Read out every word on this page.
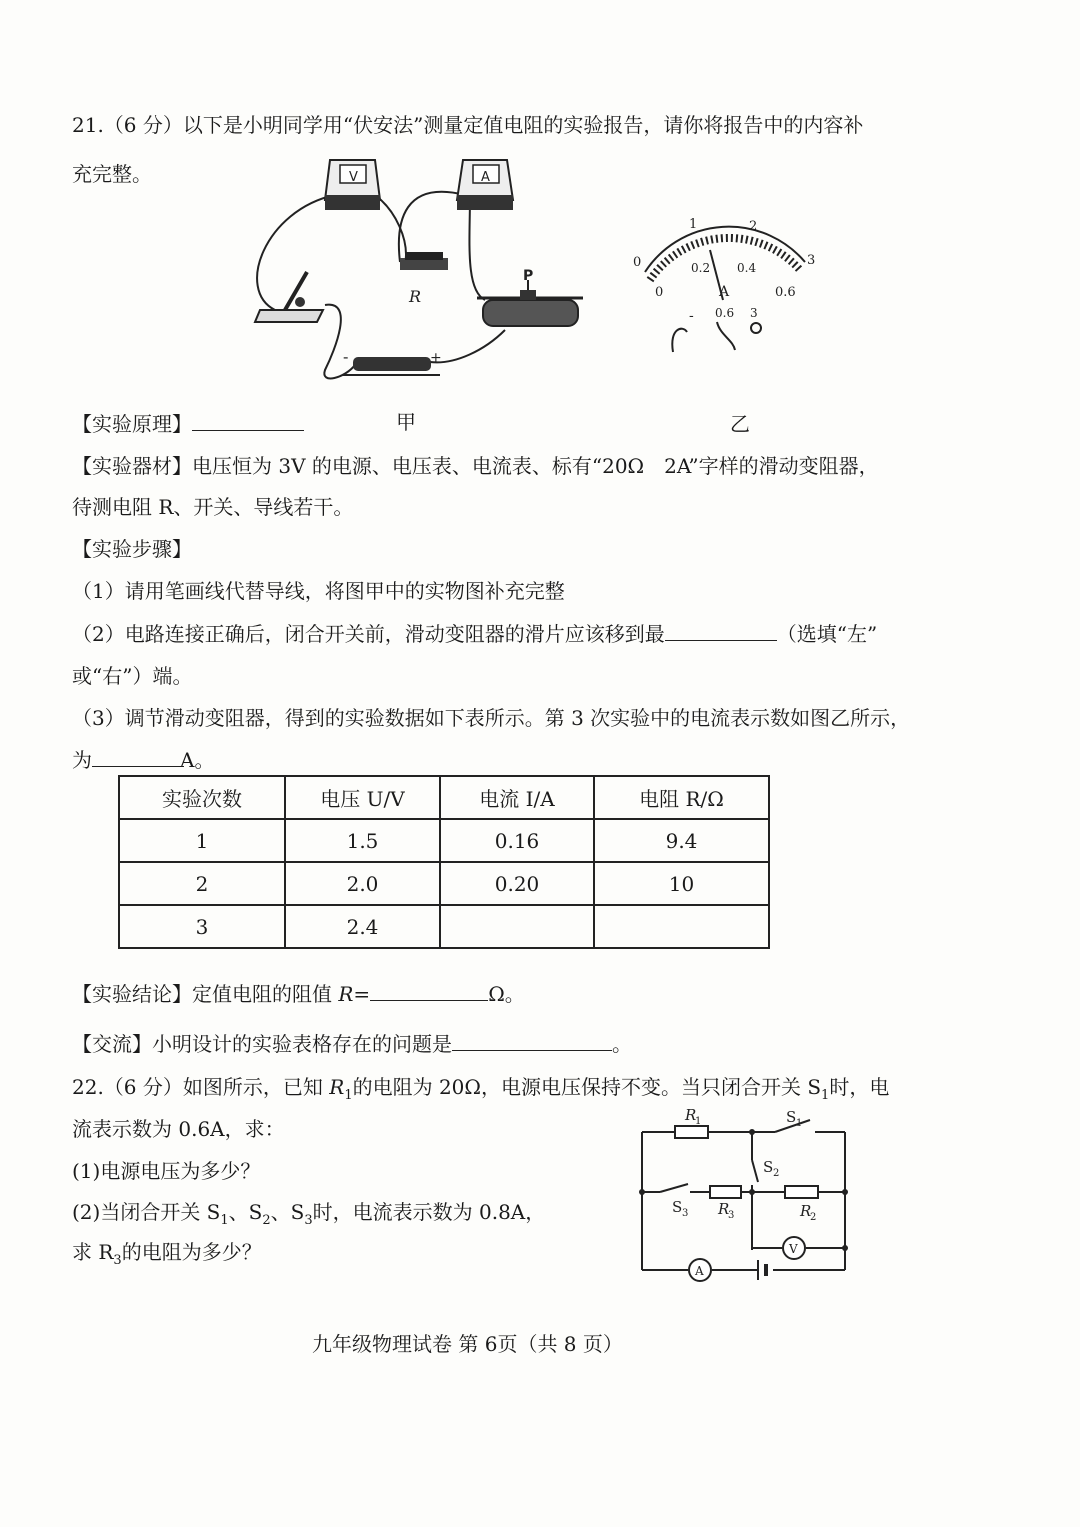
21.（6 分）以下是小明同学用“伏安法”测量定值电阻的实验报告，请你将报告中的内容补
充完整。	V	A
R
P
-	+
0
1	2
3
0
0.2 0.4
0.6
A
- 0.6 3
【实验原理】	甲	乙
【实验器材】电压恒为 3V 的电源、电压表、电流表、标有“20Ω　2A”字样的滑动变阻器，
待测电阻 R、开关、导线若干。
【实验步骤】
（1）请用笔画线代替导线，将图甲中的实物图补充完整
（2）电路连接正确后，闭合开关前，滑动变阻器的滑片应该移到最	（选填“左”
或“右”）端。
（3）调节滑动变阻器，得到的实验数据如下表所示。第 3 次实验中的电流表示数如图乙所示，
为	A。
实验次数	电压 U/V	电流 I/A	电阻 R/Ω
1	1.5	0.16	9.4
2	2.0	0.20	10
3	2.4		
【实验结论】定值电阻的阻值 R=	Ω。
【交流】小明设计的实验表格存在的问题是	。
22.（6 分）如图所示，已知 $R_1$的电阻为 20Ω，电源电压保持不变。当只闭合开关 $S_1$时，电
流表示数为 0.6A，求：
(1)电源电压为多少？
(2)当闭合开关 $S_1$、$S_2$、$S_3$时，电流表示数为 0.8A，
求 $R_3$的电阻为多少？
A
V
R
1
R
3	R
2
S 1
S 2
S 3
九年级物理试卷 第 6页（共 8 页）
